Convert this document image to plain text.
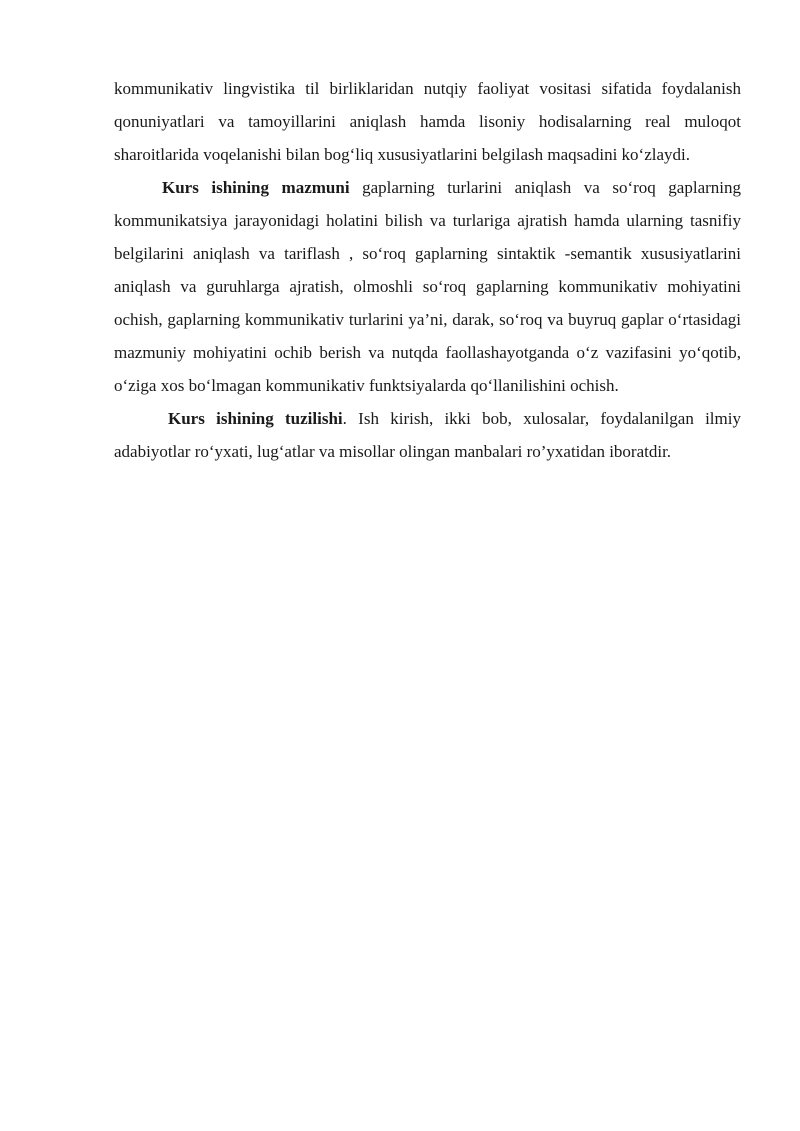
kommunikativ lingvistika til birliklaridan nutqiy faoliyat vositasi sifatida foydalanish qonuniyatlari va tamoyillarini aniqlash hamda lisoniy hodisalarning real muloqot sharoitlarida voqelanishi bilan bog‘liq xususiyatlarini belgilash maqsadini ko‘zlaydi.

Kurs ishining mazmuni gaplarning turlarini aniqlash va so‘roq gaplarning kommunikatsiya jarayonidagi holatini bilish va turlariga ajratish hamda ularning tasnifiy belgilarini aniqlash va tariflash , so‘roq gaplarning sintaktik -semantik xususiyatlarini aniqlash va guruhlarga ajratish, olmoshli so‘roq gaplarning kommunikativ mohiyatini ochish, gaplarning kommunikativ turlarini ya’ni, darak, so‘roq va buyruq gaplar o‘rtasidagi mazmuniy mohiyatini ochib berish va nutqda faollashayotganda o‘z vazifasini yo‘qotib, o‘ziga xos bo‘lmagan kommunikativ funktsiyalarda qo‘llanilishini ochish.

Kurs ishining tuzilishi. Ish kirish, ikki bob, xulosalar, foydalanilgan ilmiy adabiyotlar ro‘yxati, lug‘atlar va misollar olingan manbalari ro’yxatidan iboratdir.
